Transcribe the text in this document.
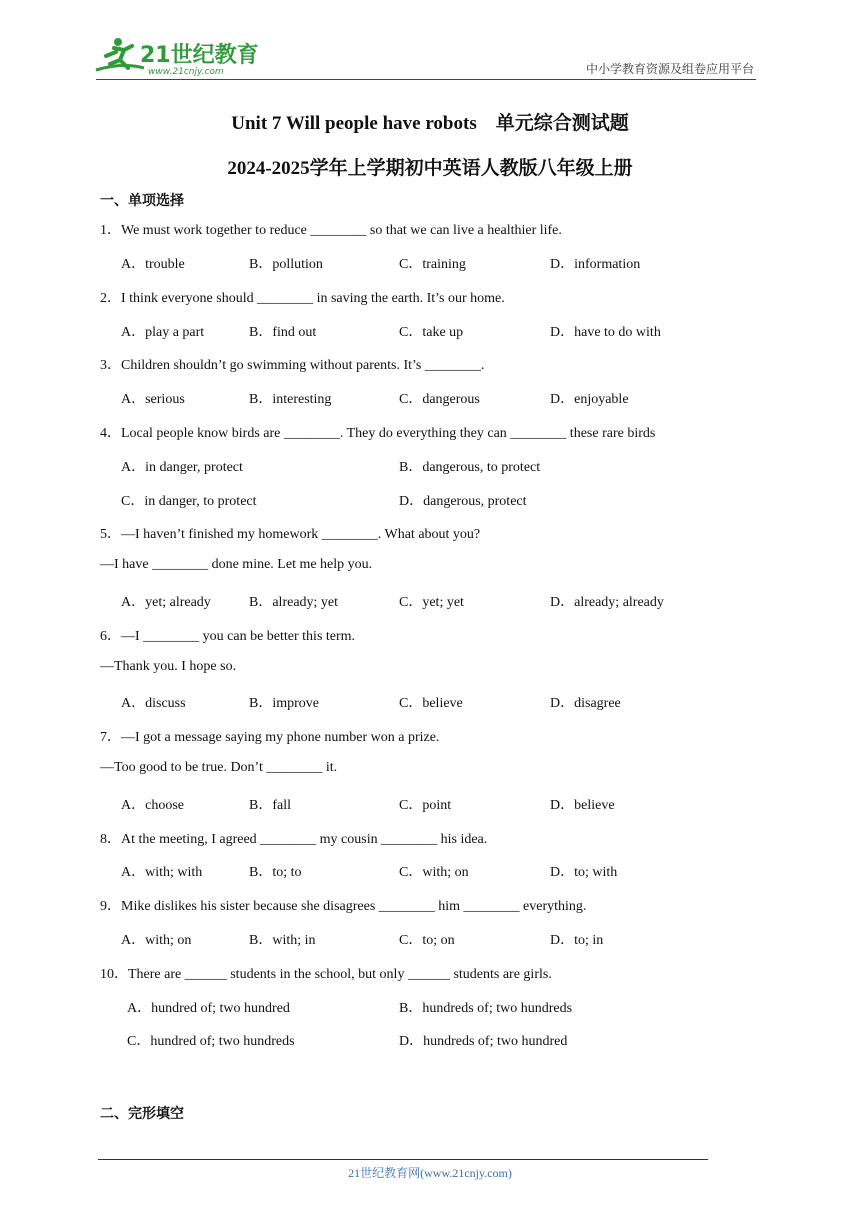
21世纪教育
www.21cnjy.com	中小学教育资源及组卷应用平台
Unit 7 Will people have robots　单元综合测试题
2024-2025学年上学期初中英语人教版八年级上册
一、单项选择
1．We must work together to reduce ________ so that we can live a healthier life.
A．trouble	B．pollution	C．training	D．information
2．I think everyone should ________ in saving the earth. It’s our home.
A．play a part	B．find out	C．take up	D．have to do with
3．Children shouldn’t go swimming without parents. It’s ________.
A．serious	B．interesting	C．dangerous	D．enjoyable
4．Local people know birds are ________. They do everything they can ________ these rare birds
A．in danger, protect	B．dangerous, to protect
C．in danger, to protect	D．dangerous, protect
5．—I haven’t finished my homework ________. What about you?
—I have ________ done mine. Let me help you.
A．yet; already	B．already; yet	C．yet; yet	D．already; already
6．—I ________ you can be better this term.
—Thank you. I hope so.
A．discuss	B．improve	C．believe	D．disagree
7．—I got a message saying my phone number won a prize.
—Too good to be true. Don’t ________ it.
A．choose	B．fall	C．point	D．believe
8．At the meeting, I agreed ________ my cousin ________ his idea.
A．with; with	B．to; to	C．with; on	D．to; with
9．Mike dislikes his sister because she disagrees ________ him ________ everything.
A．with; on	B．with; in	C．to; on	D．to; in
10．There are ______ students in the school, but only ______ students are girls.
A．hundred of; two hundred	B．hundreds of; two hundreds
C．hundred of; two hundreds	D．hundreds of; two hundred
二、完形填空
21世纪教育网(www.21cnjy.com)
